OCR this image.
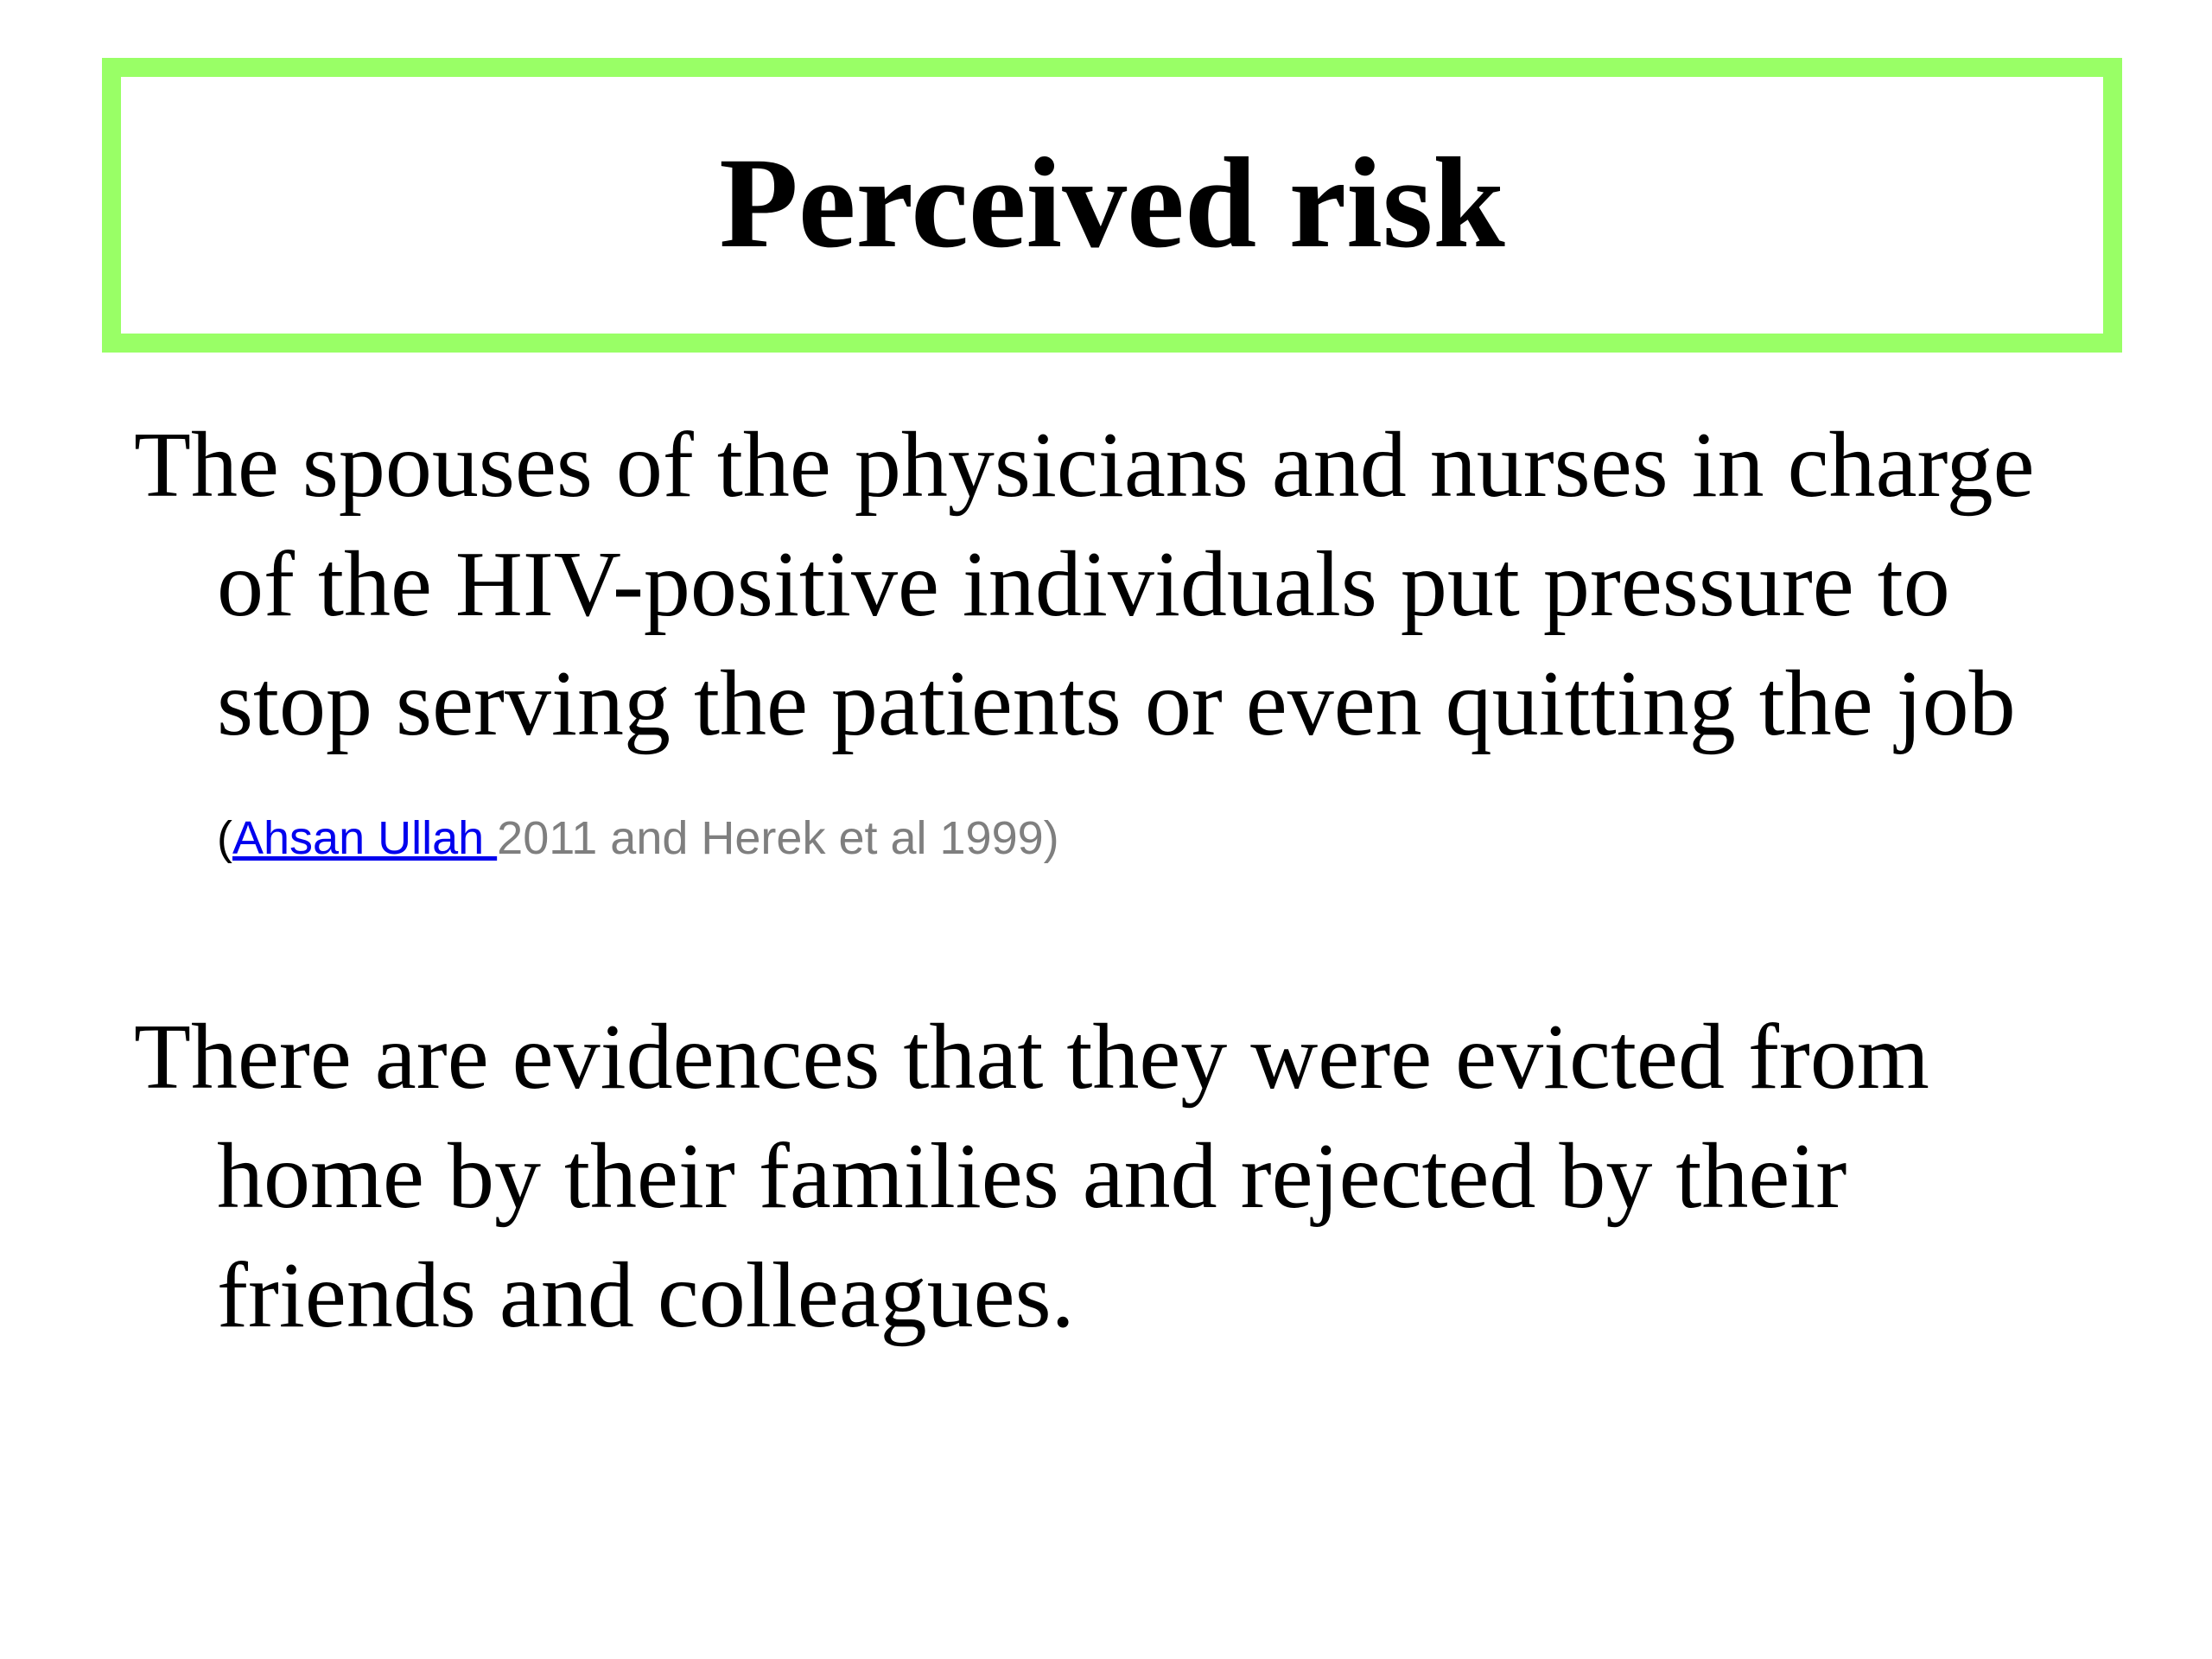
Perceived risk

The spouses of the physicians and nurses in charge of the HIV-positive individuals put pressure to stop serving the patients or even quitting the job (Ahsan Ullah 2011 and Herek et al 1999)

There are evidences that they were evicted from home by their families and rejected by their friends and colleagues.
